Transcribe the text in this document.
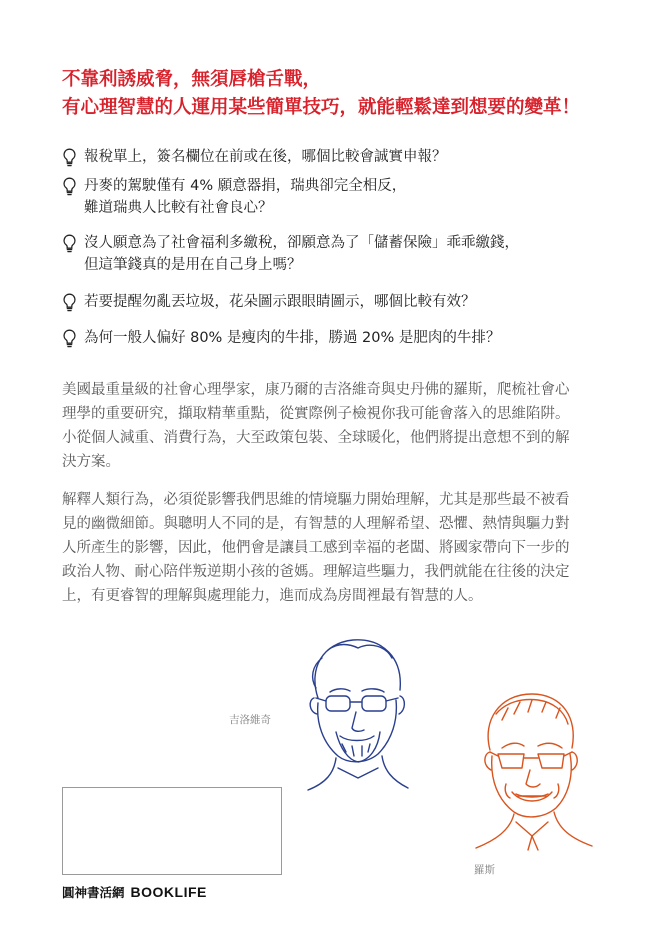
不靠利誘威脅，無須唇槍舌戰，
有心理智慧的人運用某些簡單技巧，就能輕鬆達到想要的變革！
報稅單上，簽名欄位在前或在後，哪個比較會誠實申報？
丹麥的駕駛僅有 4% 願意器捐，瑞典卻完全相反，
難道瑞典人比較有社會良心？
沒人願意為了社會福利多繳稅，卻願意為了「儲蓄保險」乖乖繳錢，
但這筆錢真的是用在自己身上嗎？
若要提醒勿亂丟垃圾，花朵圖示跟眼睛圖示，哪個比較有效？
為何一般人偏好 80% 是瘦肉的牛排，勝過 20% 是肥肉的牛排？
美國最重量級的社會心理學家，康乃爾的吉洛維奇與史丹佛的羅斯，爬梳社會心
理學的重要研究，擷取精華重點，從實際例子檢視你我可能會落入的思維陷阱。
小從個人減重、消費行為，大至政策包裝、全球暖化，他們將提出意想不到的解
決方案。
解釋人類行為，必須從影響我們思維的情境驅力開始理解，尤其是那些最不被看
見的幽微細節。與聰明人不同的是，有智慧的人理解希望、恐懼、熱情與驅力對
人所產生的影響，因此，他們會是讓員工感到幸福的老闆、將國家帶向下一步的
政治人物、耐心陪伴叛逆期小孩的爸媽。理解這些驅力，我們就能在往後的決定
上，有更睿智的理解與處理能力，進而成為房間裡最有智慧的人。
吉洛維奇
羅斯
圓神書活網 BOOKLIFE
